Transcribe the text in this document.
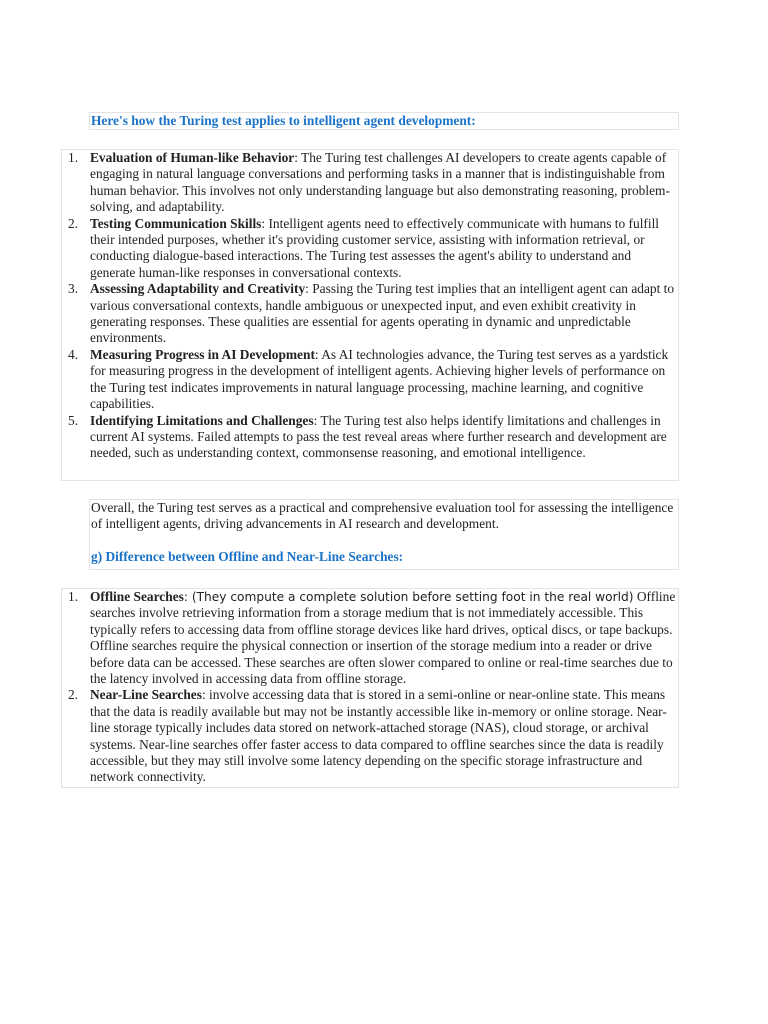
Here's how the Turing test applies to intelligent agent development:
1. Evaluation of Human-like Behavior: The Turing test challenges AI developers to create agents capable of engaging in natural language conversations and performing tasks in a manner that is indistinguishable from human behavior. This involves not only understanding language but also demonstrating reasoning, problem-solving, and adaptability.
2. Testing Communication Skills: Intelligent agents need to effectively communicate with humans to fulfill their intended purposes, whether it's providing customer service, assisting with information retrieval, or conducting dialogue-based interactions. The Turing test assesses the agent's ability to understand and generate human-like responses in conversational contexts.
3. Assessing Adaptability and Creativity: Passing the Turing test implies that an intelligent agent can adapt to various conversational contexts, handle ambiguous or unexpected input, and even exhibit creativity in generating responses. These qualities are essential for agents operating in dynamic and unpredictable environments.
4. Measuring Progress in AI Development: As AI technologies advance, the Turing test serves as a yardstick for measuring progress in the development of intelligent agents. Achieving higher levels of performance on the Turing test indicates improvements in natural language processing, machine learning, and cognitive capabilities.
5. Identifying Limitations and Challenges: The Turing test also helps identify limitations and challenges in current AI systems. Failed attempts to pass the test reveal areas where further research and development are needed, such as understanding context, commonsense reasoning, and emotional intelligence.
Overall, the Turing test serves as a practical and comprehensive evaluation tool for assessing the intelligence of intelligent agents, driving advancements in AI research and development.
g) Difference between Offline and Near-Line Searches:
1. Offline Searches: (They compute a complete solution before setting foot in the real world) Offline searches involve retrieving information from a storage medium that is not immediately accessible. This typically refers to accessing data from offline storage devices like hard drives, optical discs, or tape backups. Offline searches require the physical connection or insertion of the storage medium into a reader or drive before data can be accessed. These searches are often slower compared to online or real-time searches due to the latency involved in accessing data from offline storage.
2. Near-Line Searches: involve accessing data that is stored in a semi-online or near-online state. This means that the data is readily available but may not be instantly accessible like in-memory or online storage. Near-line storage typically includes data stored on network-attached storage (NAS), cloud storage, or archival systems. Near-line searches offer faster access to data compared to offline searches since the data is readily accessible, but they may still involve some latency depending on the specific storage infrastructure and network connectivity.
